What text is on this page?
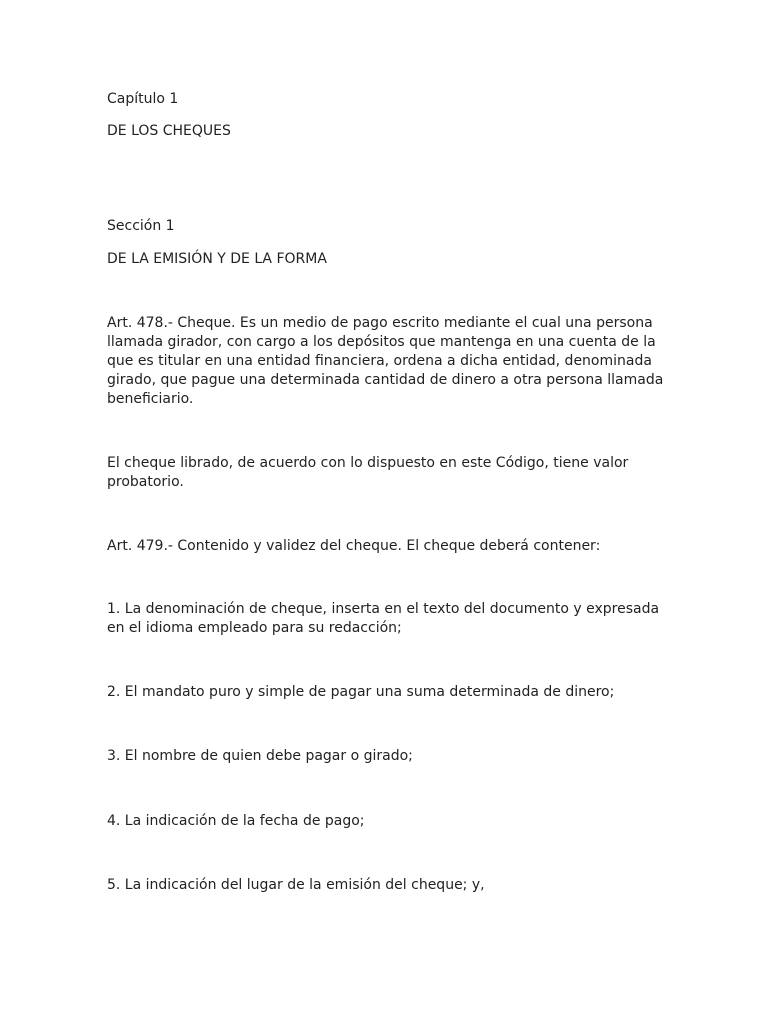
Capítulo 1

DE LOS CHEQUES

Sección 1

DE LA EMISIÓN Y DE LA FORMA

Art. 478.- Cheque. Es un medio de pago escrito mediante el cual una persona

llamada girador, con cargo a los depósitos que mantenga en una cuenta de la

que es titular en una entidad financiera, ordena a dicha entidad, denominada

girado, que pague una determinada cantidad de dinero a otra persona llamada

beneficiario.

El cheque librado, de acuerdo con lo dispuesto en este Código, tiene valor

probatorio.

Art. 479.- Contenido y validez del cheque. El cheque deberá contener:

1. La denominación de cheque, inserta en el texto del documento y expresada

en el idioma empleado para su redacción;

2. El mandato puro y simple de pagar una suma determinada de dinero;

3. El nombre de quien debe pagar o girado;

4. La indicación de la fecha de pago;

5. La indicación del lugar de la emisión del cheque; y,
